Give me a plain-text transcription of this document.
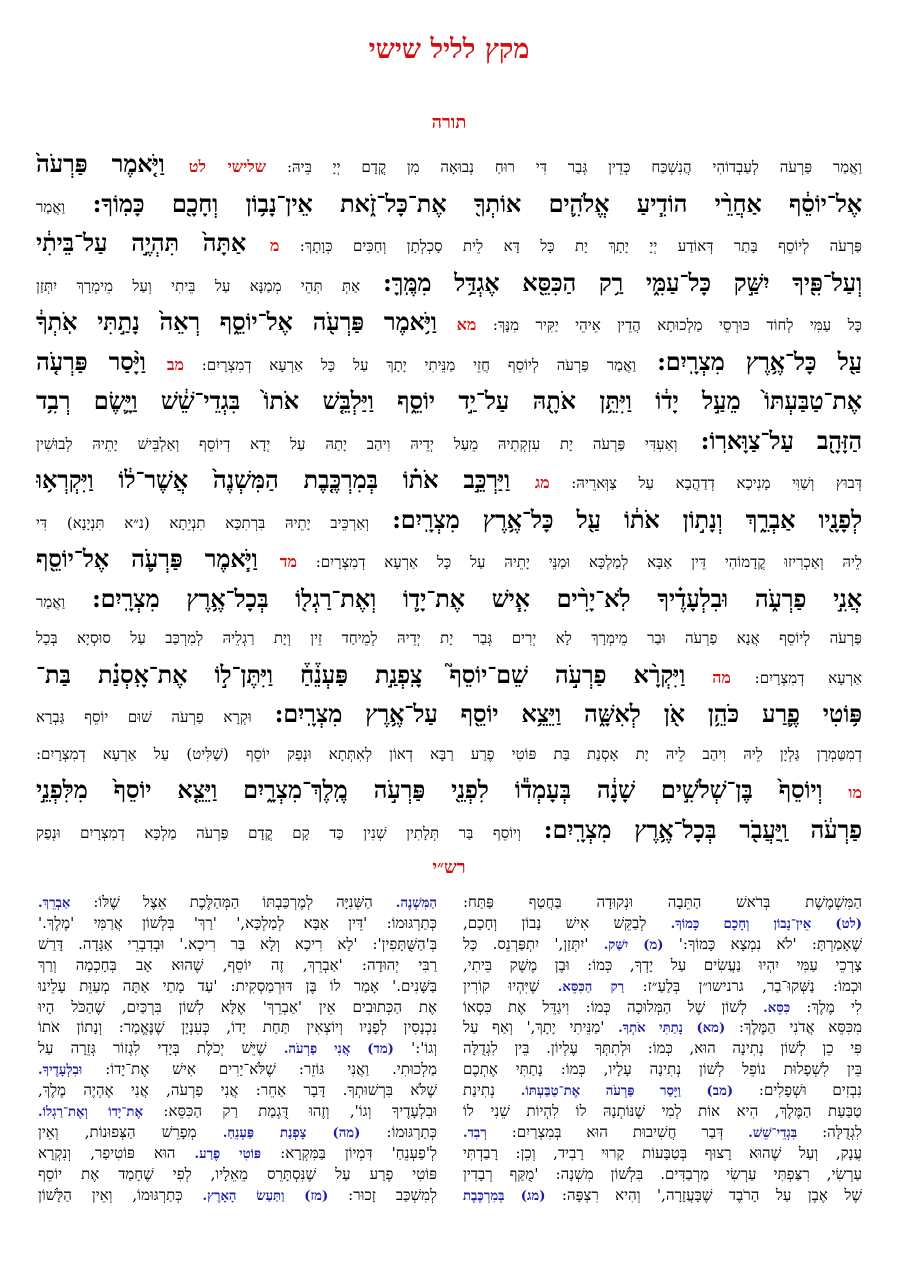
מקץ לליל שישי
תורה
וַאֲמַר פַּרְעֹה לְעַבְדוֹהִי הֲנִשְׁכַּח כְּדֵין גְּבַר דִּי רוּחַ נְבוּאָה מִן קֳדָם יְיָ בֵּיהּ: שלישי לט וַיֹּ֤אמֶר פַּרְעֹה֙
אֶל־יוֹסֵ֔ף אַחֲרֵ֨י הוֹדִ֧יעַ אֱלֹהִ֛ים אוֹתְךָ֖ אֶת־כָּל־זֹ֑את אֵין־נָב֥וֹן וְחָכָ֖ם כָּמֽוֹךָ: וַאֲמַר
פַּרְעֹה לְיוֹסֵף בָּתַר דְּאוֹדַע יְיָ יָתָךְ יָת כָּל דָּא לֵית סָכְלְתָן וְחַכִּים כְּוָתָךְ: מ אַתָּה֙ תִּהְיֶ֣ה עַל־בֵּיתִ֔י
וְעַל־פִּ֖יךָ יִשַּׁ֣ק כָּל־עַמִּ֑י רַ֥ק הַכִּסֵּ֖א אֶגְדַּ֥ל מִמֶּֽךָּ: אַתְּ תְּהֵי מְמַנָּא עַל בֵּיתִי וְעַל מֵימְרָךְ יִתְּזַן
כָּל עַמִּי לְחוֹד כּוּרְסֵי מַלְכוּתָא הֲדֵין אֵיהֵי יַקִּיר מִנָּךְ: מא וַיֹּ֥אמֶר פַּרְעֹ֖ה אֶל־יוֹסֵ֑ף רְאֵה֙ נָתַ֣תִּי אֹֽתְךָ֔
עַ֖ל כָּל־אֶ֥רֶץ מִצְרָֽיִם: וַאֲמַר פַּרְעֹה לְיוֹסֵף חֲזֵי מַנֵּיתִי יָתָךְ עַל כָּל אַרְעָא דְמִצְרָיִם: מב וַיָּ֨סַר פַּרְעֹ֤ה
אֶת־טַבַּעְתּוֹ֙ מֵעַ֣ל יָד֔וֹ וַיִּתֵּ֥ן אֹתָ֖הּ עַל־יַ֣ד יוֹסֵ֑ף וַיַּלְבֵּ֤שׁ אֹתוֹ֙ בִּגְדֵי־שֵׁ֔שׁ וַיָּ֛שֶׂם רְבִ֥ד
הַזָּהָ֖ב עַל־צַוָּארֽוֹ: וְאַעְדִּי פַּרְעֹה יָת עִזְקְתֵיהּ מֵעַל יְדֵיהּ וִיהַב יָתַהּ עַל יְדָא דְיוֹסֵף וְאַלְבֵּישׁ יָתֵיהּ לְבוּשִׁין
דְּבוּץ וְשַׁוִּי מָנִיכָא דְדַהֲבָא עַל צַוְּארֵיהּ: מג וַיַּרְכֵּ֣ב אֹת֗וֹ בְּמִרְכֶּ֤בֶת הַמִּשְׁנֶה֙ אֲשֶׁר־ל֔וֹ וַיִּקְרְא֥וּ
לְפָנָ֖יו אַבְרֵ֑ךְ וְנָת֣וֹן אֹת֔וֹ עַ֖ל כָּל־אֶ֥רֶץ מִצְרָֽיִם: וְאַרְכֵּיב יָתֵיהּ בִּרְתִכָּא תִנְיֵתָא (נ״א תִּנְיָנָא) דִּי
לֵיהּ וְאַכְרִיזוּ קֳדָמוֹהִי דֵּין אַבָּא לְמַלְכָּא וּמַנֵּי יָתֵיהּ עַל כָּל אַרְעָא דְמִצְרָיִם: מד וַיֹּ֧אמֶר פַּרְעֹ֛ה אֶל־יוֹסֵ֖ף
אֲנִ֣י פַרְעֹ֑ה וּבִלְעָדֶ֗יךָ לֹֽא־יָרִ֨ים אִ֧ישׁ אֶת־יָד֛וֹ וְאֶת־רַגְל֖וֹ בְּכָל־אֶ֥רֶץ מִצְרָֽיִם: וַאֲמַר
פַּרְעֹה לְיוֹסֵף אֲנָא פַרְעֹה וּבַר מֵימְרָךְ לָא יְרִים גְּבַר יָת יְדֵיהּ לְמֵיחַד זֵין וְיָת רַגְלֵיהּ לְמִרְכַּב עַל סוּסְיָא בְּכָל
אַרְעָא דְמִצְרָיִם: מה וַיִּקְרָ֨א פַרְעֹ֣ה שֵׁם־יוֹסֵף֮ צָֽפְנַ֣ת פַּעְנֵ֒חַ֒ וַיִּתֶּן־ל֣וֹ אֶת־אָֽסְנַ֗ת בַּת־
פּ֥וֹטִי פֶ֛רַע כֹּהֵ֥ן אֹ֖ן לְאִשָּׁ֑ה וַיֵּצֵ֥א יוֹסֵ֖ף עַל־אֶ֥רֶץ מִצְרָֽיִם: וּקְרָא פַרְעֹה שׁוּם יוֹסֵף גַּבְרָא
דְמִטַּמְרָן גַּלְיָן לֵיהּ וִיהַב לֵיהּ יָת אָסְנַת בַּת פּוֹטִי פֶרַע רַבָּא דְאוֹן לְאִתְּתָא וּנְפַק יוֹסֵף (שַׁלִּיט) עַל אַרְעָא דְמִצְרָיִם:
מו וְיוֹסֵף֙ בֶּן־שְׁלֹשִׁ֣ים שָׁנָ֔ה בְּעָמְד֕וֹ לִפְנֵ֖י פַּרְעֹ֣ה מֶֽלֶךְ־מִצְרָ֑יִם וַיֵּצֵ֤א יוֹסֵף֙ מִלִּפְנֵ֣י
פַרְעֹ֔ה וַֽיַּעֲבֹ֖ר בְּכָל־אֶ֥רֶץ מִצְרָֽיִם: וְיוֹסֵף בַּר תְּלָתִין שְׁנִין כַּד קָם קֳדָם פַּרְעֹה מַלְכָּא דְמִצְרָיִם וּנְפַק
רש״י
הַמִּשְׁמֶשֶׁת בְּרֹאשׁ הַתֵּבָה וּנְקוּדָה בַּחֲטַף פַּתַּח:
(לט) אֵין־נָבוֹן וְחָכָם כָּמוֹךָ. לְבַקֵּשׁ אִישׁ נָבוֹן וְחָכָם,
שֶׁאָמַרְתָּ: 'לֹא נִמְצָא כָּמוֹךָ:' (מ) יִשַּׁק. 'יִתְּזַן,' יִתְפַּרְנֵס. כָּל
צָרְכֵי עַמִּי יִהְיוּ נַעֲשִׂים עַל יָדְךָ, כְּמוֹ: וּבֶן מֶשֶׁק בֵּיתִי,
וּכְמוֹ: נַשְּׁקוּ־בַר, גרנישו״ן בְּלַעַ״ז: רַק הַכִּסֵּא. שֶׁיִּהְיוּ קוֹרִין
לִי מֶלֶךְ: כִּסֵּא. לְשׁוֹן שֶׁל הַמְּלוּכָה כְּמוֹ: וִיגַדֵּל אֶת כִּסְאוֹ
מִכִּסֵּא אֲדֹנִי הַמֶּלֶךְ: (מא) נָתַתִּי אֹתְךָ. 'מַנֵּיתִי יָתָךְ,' וְאַף עַל
פִּי כֵן לְשׁוֹן נְתִינָה הוּא, כְּמוֹ: וּלְתִתְּךָ עֶלְיוֹן. בֵּין לִגְדֻלָּה
בֵּין לִשְׁפָלוּת נוֹפֵל לְשׁוֹן נְתִינָה עָלָיו, כְּמוֹ: נָתַתִּי אֶתְכֶם
נִבְזִים וּשְׁפָלִים: (מב) וַיָּסַר פַּרְעֹה אֶת־טַבַּעְתּוֹ. נְתִינַת
טַבַּעַת הַמֶּלֶךְ, הִיא אוֹת לְמִי שֶׁנּוֹתְנָהּ לוֹ לִהְיוֹת שֵׁנִי לוֹ
לִגְדֻלָּה: בִּגְדֵי־שֵׁשׁ. דְּבַר חֲשִׁיבוּת הוּא בְּמִצְרַיִם: רְבִד.
עֲנָק, וְעַל שֶׁהוּא רָצוּף בְּטַבָּעוֹת קָרוּי רָבִיד, וְכֵן: רָבַדְתִּי
עַרְשִׂי, רִצַּפְתִּי עַרְשִׂי מַרְבַדִּים. בִּלְשׁוֹן מִשְׁנָה: 'מֻקַּף רְבָדִין
שֶׁל אֶבֶן עַל הָרֹבֶד שֶׁבָּעֲזָרָה,' וְהִיא רִצְפָּה: (מג) בְּמִרְכֶּבֶת
הַמִּשְׁנֶה. הַשְּׁנִיָּה לְמֶרְכַּבְתּוֹ הַמְּהַלֶּכֶת אֵצֶל שֶׁלּוֹ: אַבְרֵךְ.
כְּתַרְגּוּמוֹ: 'דֵּין אַבָּא לְמַלְכָּא,' 'רַךְ' בִּלְשׁוֹן אֲרַמִּי 'מֶלֶךְ.'
בְּ'הַשֻּׁתָּפִין': 'לָא רִיכָא וְלָא בַּר רִיכָא.' וּבְדִבְרֵי אַגָּדָה. דָּרַשׁ
רַבִּי יְהוּדָה: 'אַבְרֵךְ, זֶה יוֹסֵף, שֶׁהוּא אָב בְּחָכְמָה וְרַךְ
בַּשָּׁנִים.' אָמַר לוֹ בֶּן דּוּרְמַסְקִית: 'עַד מָתַי אַתָּה מְעַוֵּת עָלֵינוּ
אֶת הַכְּתוּבִים אֵין 'אַבְרֵךְ' אֶלָּא לְשׁוֹן בִּרְכַּיִם, שֶׁהַכֹּל הָיוּ
נִכְנָסִין לְפָנָיו וְיוֹצְאִין תַּחַת יָדוֹ, כְּעִנְיָן שֶׁנֶּאֱמַר: וְנָתוֹן אֹתוֹ
וְגוֹ':' (מד) אֲנִי פַרְעֹה. שֶׁיֵּשׁ יְכֹלֶת בְּיָדִי לִגְזוֹר גְּזֵרָה עַל
מַלְכוּתִי. וַאֲנִי גּוֹזֵר: שֶׁלֹּא־יָרִים אִישׁ אֶת־יָדוֹ: וּבִלְעָדֶיךָ.
שֶׁלֹּא בִּרְשׁוּתְךָ. דָּבָר אַחֵר: אֲנִי פַרְעֹה, אֲנִי אֶהְיֶה מֶלֶךְ,
וּבִלְעָדֶיךָ וְגוֹ', וְזֶהוּ דֻּגְמַת רַק הַכִּסֵּא: אֶת־יָדוֹ וְאֶת־רַגְלוֹ.
כְּתַרְגּוּמוֹ: (מה) צָפְנַת פַּעְנֵחַ. מְפָרֵשׁ הַצְּפוּנוֹת, וְאֵין
לְ'פַעְנֵחַ' דִּמְיוֹן בַּמִּקְרָא: פּוֹטִי פֶרַע. הוּא פּוֹטִיפַר, וְנִקְרָא
פּוֹטִי פֶרַע עַל שֶׁנִּסְתָּרֵס מֵאֵלָיו, לְפִי שֶׁחָמַד אֶת יוֹסֵף
לְמִשְׁכַּב זָכוּר: (מז) וַתַּעַשׂ הָאָרֶץ. כְּתַרְגּוּמוֹ, וְאֵין הַלָּשׁוֹן
